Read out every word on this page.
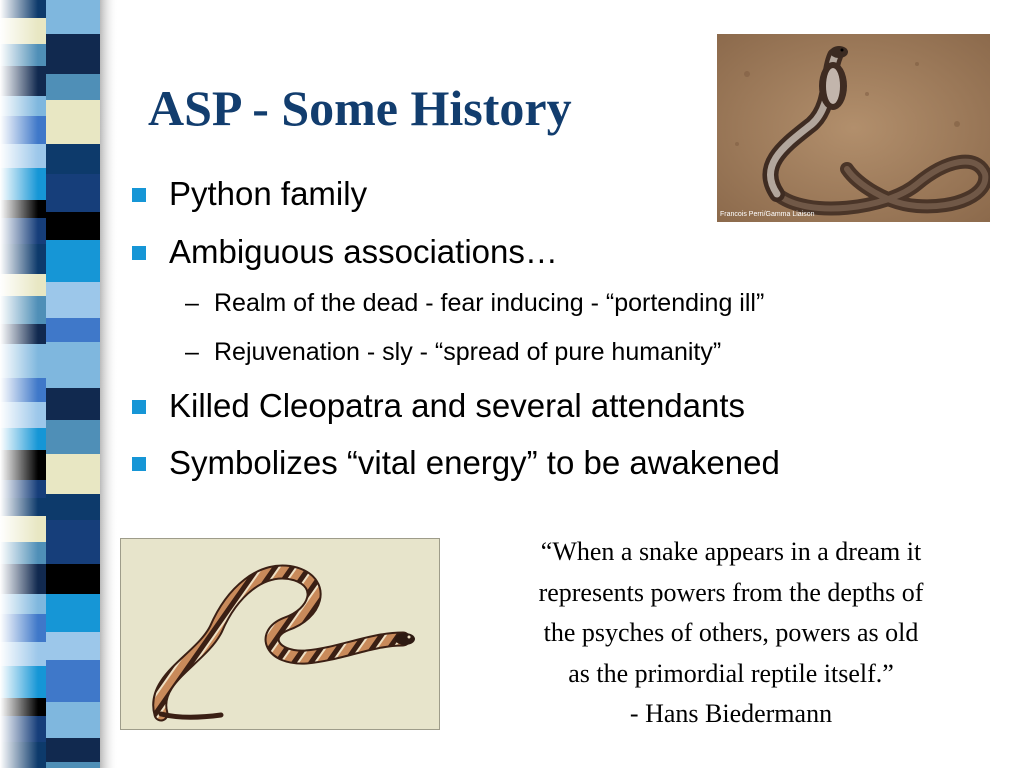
ASP - Some History
Python family
Ambiguous associations…
– Realm of the dead - fear inducing - “portending ill”
– Rejuvenation - sly - “spread of pure humanity”
Killed Cleopatra and several attendants
Symbolizes “vital energy” to be awakened
Francois Perri/Gamma Liaison
“When a snake appears in a dream it
represents powers from the depths of
the psyches of others, powers as old
as the primordial reptile itself.”
- Hans Biedermann
